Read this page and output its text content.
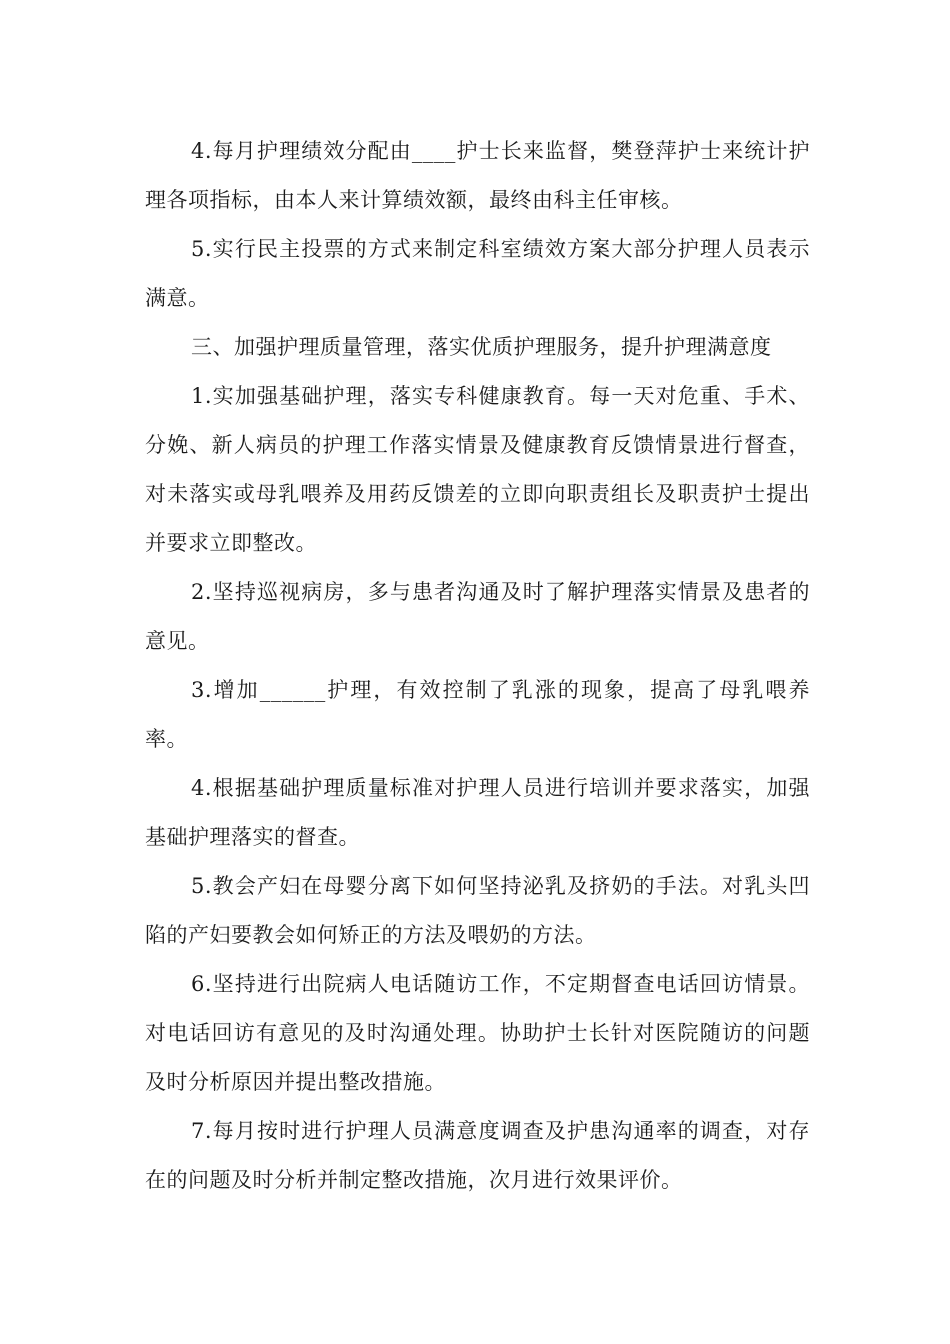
4.每月护理绩效分配由____护士长来监督，樊登萍护士来统计护理各项指标，由本人来计算绩效额，最终由科主任审核。

5.实行民主投票的方式来制定科室绩效方案大部分护理人员表示满意。

三、加强护理质量管理，落实优质护理服务，提升护理满意度

1.实加强基础护理，落实专科健康教育。每一天对危重、手术、分娩、新人病员的护理工作落实情景及健康教育反馈情景进行督查，对未落实或母乳喂养及用药反馈差的立即向职责组长及职责护士提出并要求立即整改。

2.坚持巡视病房，多与患者沟通及时了解护理落实情景及患者的意见。

3.增加______护理，有效控制了乳涨的现象，提高了母乳喂养率。

4.根据基础护理质量标准对护理人员进行培训并要求落实，加强基础护理落实的督查。

5.教会产妇在母婴分离下如何坚持泌乳及挤奶的手法。对乳头凹陷的产妇要教会如何矫正的方法及喂奶的方法。

6.坚持进行出院病人电话随访工作，不定期督查电话回访情景。对电话回访有意见的及时沟通处理。协助护士长针对医院随访的问题及时分析原因并提出整改措施。

7.每月按时进行护理人员满意度调查及护患沟通率的调查，对存在的问题及时分析并制定整改措施，次月进行效果评价。
